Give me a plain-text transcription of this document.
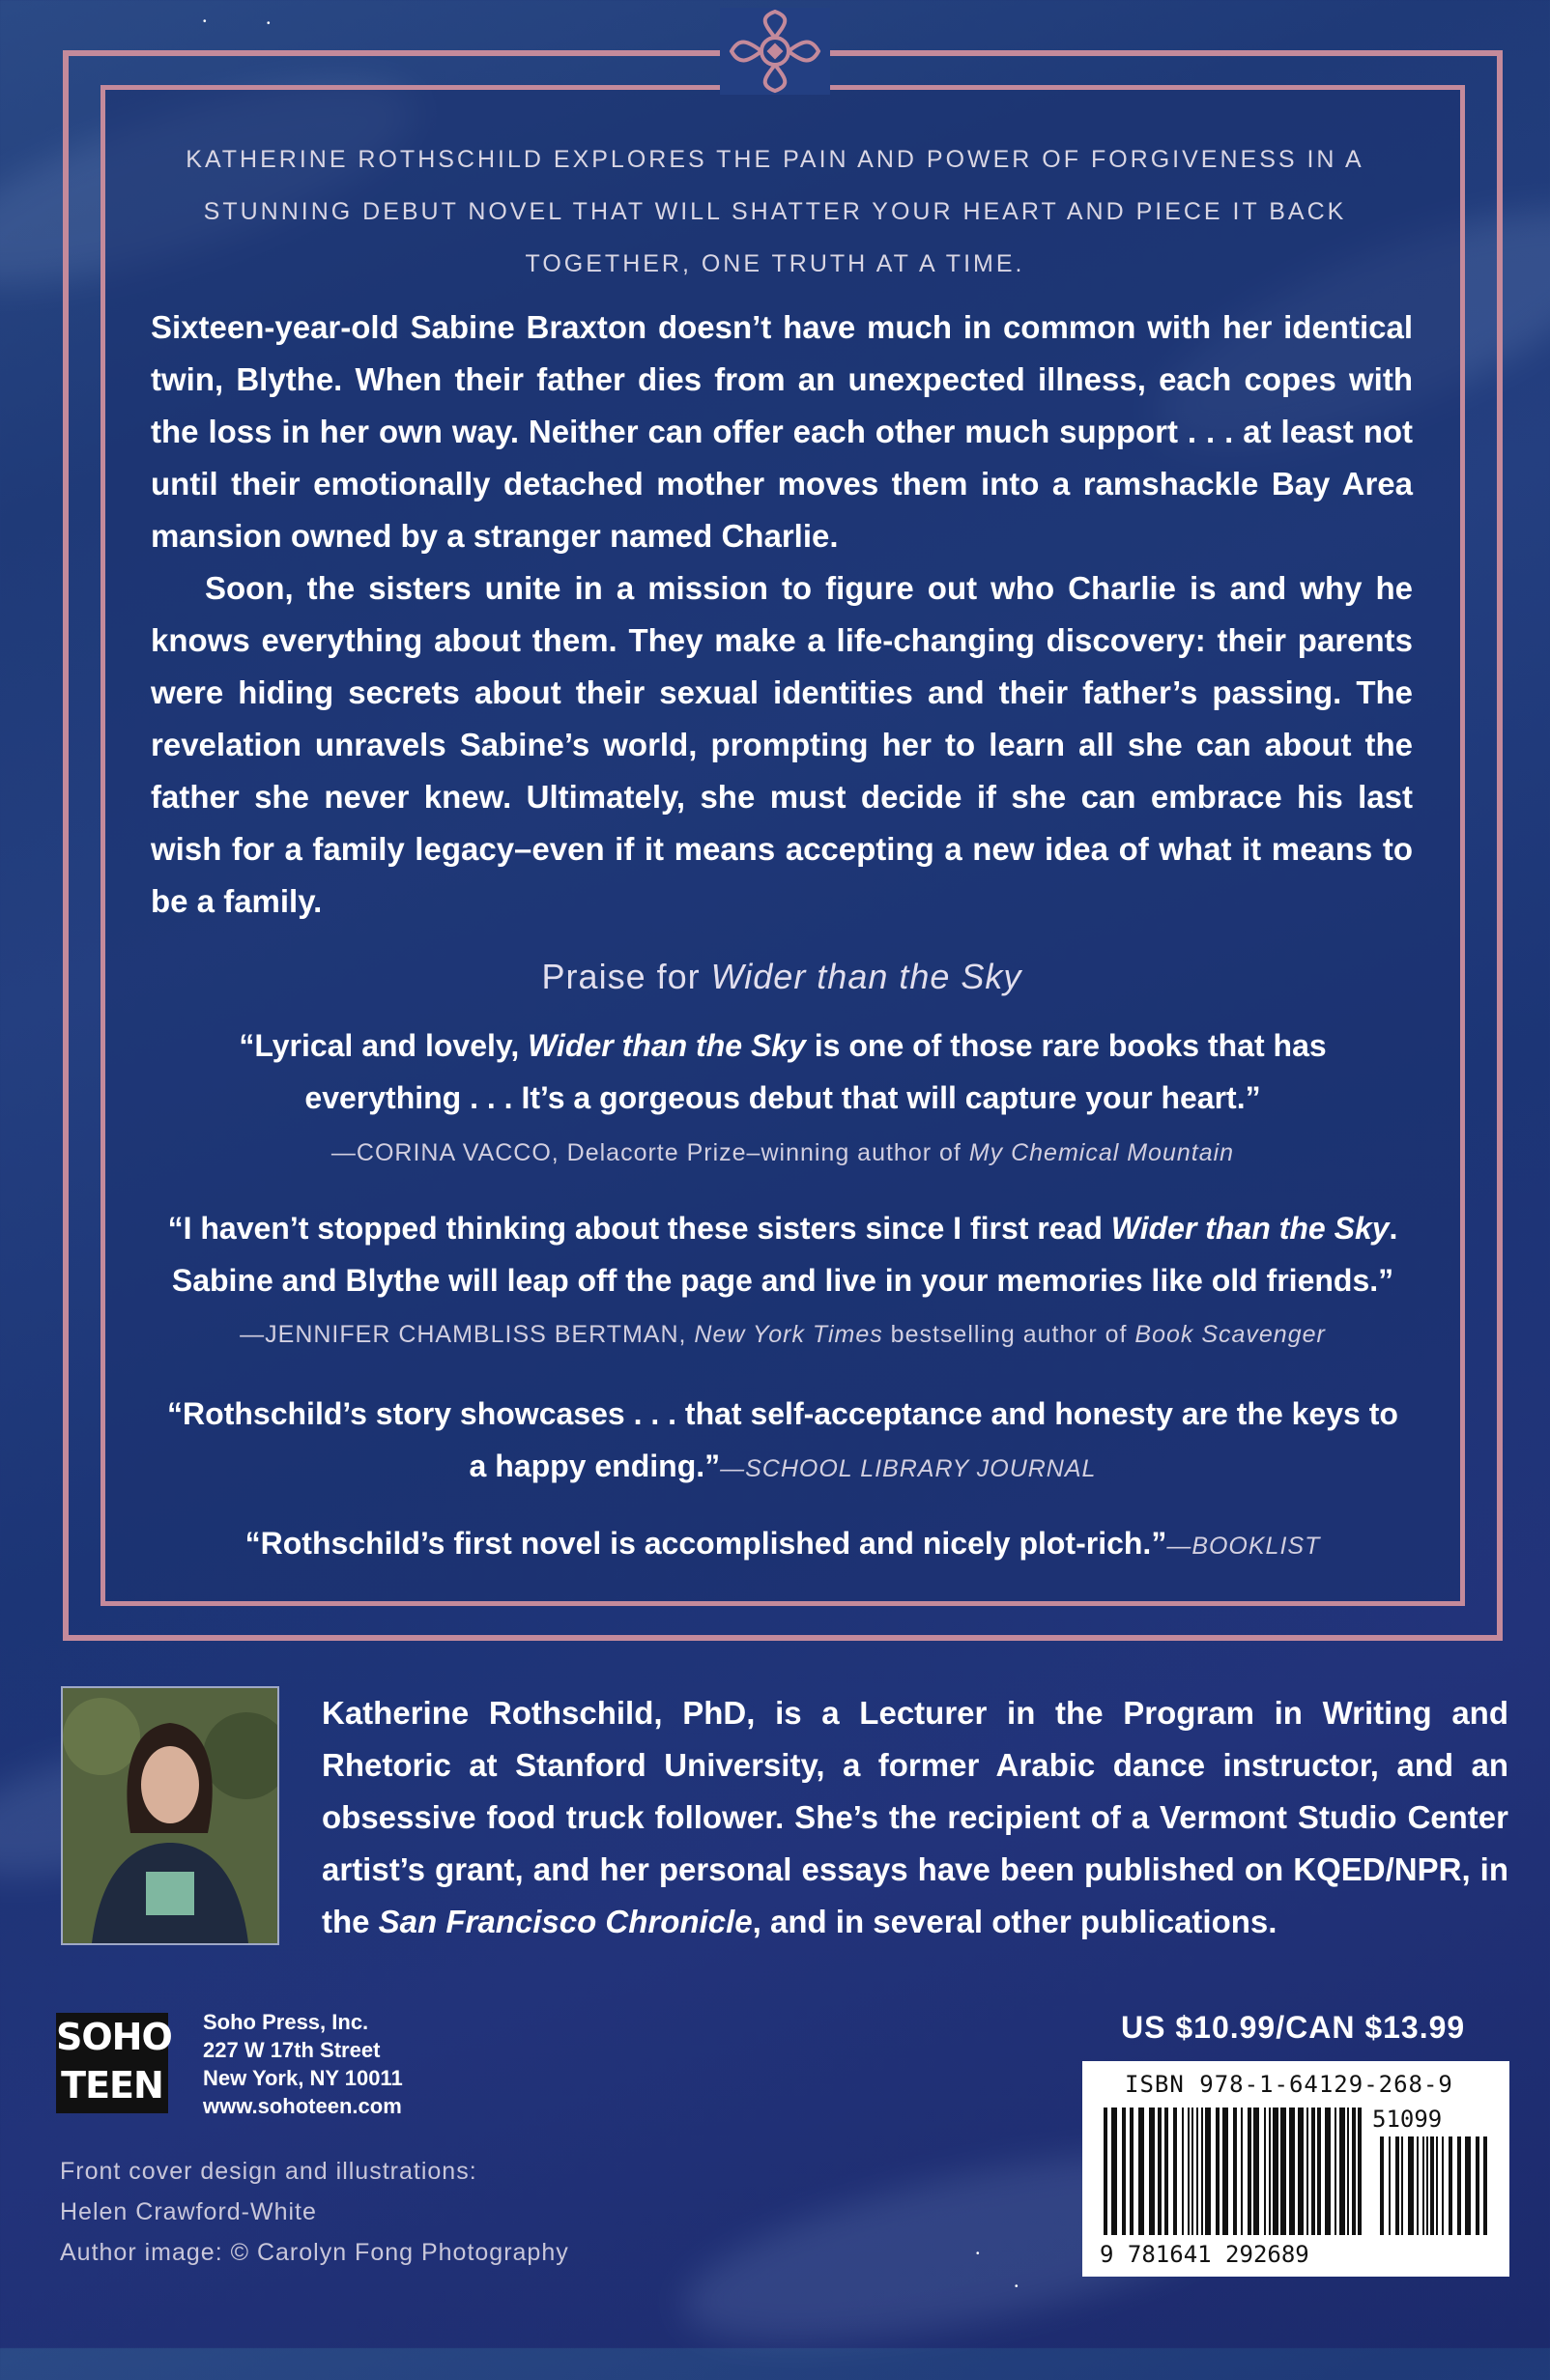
•	•
•
•
KATHERINE ROTHSCHILD EXPLORES THE PAIN AND POWER OF FORGIVENESS IN A STUNNING DEBUT NOVEL THAT WILL SHATTER YOUR HEART AND PIECE IT BACK TOGETHER, ONE TRUTH AT A TIME.

Sixteen-year-old Sabine Braxton doesn’t have much in common with her identical twin, Blythe. When their father dies from an unexpected illness, each copes with the loss in her own way. Neither can offer each other much support . . . at least not until their emotionally detached mother moves them into a ramshackle Bay Area mansion owned by a stranger named Charlie.

Soon, the sisters unite in a mission to figure out who Charlie is and why he knows everything about them. They make a life-changing discovery: their parents were hiding secrets about their sexual identities and their father’s passing. The revelation unravels Sabine’s world, prompting her to learn all she can about the father she never knew. Ultimately, she must decide if she can embrace his last wish for a family legacy–even if it means accepting a new idea of what it means to be a family.

Praise for Wider than the Sky
“Lyrical and lovely, Wider than the Sky is one of those rare books that has everything . . . It’s a gorgeous debut that will capture your heart.”
—CORINA VACCO, Delacorte Prize–winning author of My Chemical Mountain
“I haven’t stopped thinking about these sisters since I first read Wider than the Sky. Sabine and Blythe will leap off the page and live in your memories like old friends.”
—JENNIFER CHAMBLISS BERTMAN, New York Times bestselling author of Book Scavenger
“Rothschild’s story showcases . . . that self-acceptance and honesty are the keys to a happy ending.”—SCHOOL LIBRARY JOURNAL
“Rothschild’s first novel is accomplished and nicely plot-rich.”—BOOKLIST
Katherine Rothschild, PhD, is a Lecturer in the Program in Writing and Rhetoric at Stanford University, a former Arabic dance instructor, and an obsessive food truck follower. She’s the recipient of a Vermont Studio Center artist’s grant, and her personal essays have been published on KQED/NPR, in the San Francisco Chronicle, and in several other publications.
SOHO
TEEN
Soho Press, Inc.
227 W 17th Street
New York, NY 10011
www.sohoteen.com
Front cover design and illustrations:
Helen Crawford-White
Author image: © Carolyn Fong Photography
US $10.99/CAN $13.99
ISBN 978-1-64129-268-9
51099
9 781641 292689
